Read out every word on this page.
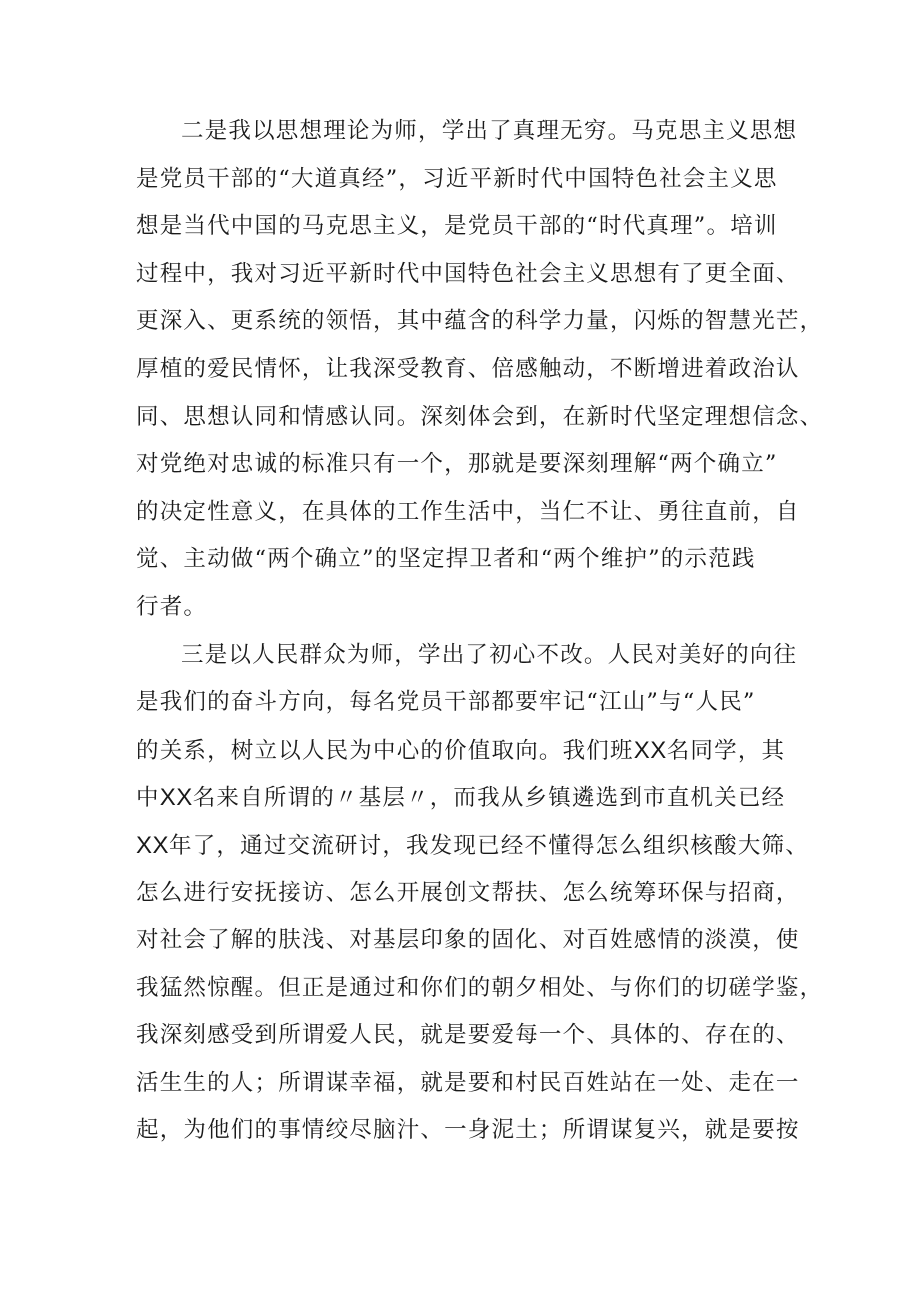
二是我以思想理论为师，学出了真理无穷。马克思主义思想
是党员干部的“大道真经”，习近平新时代中国特色社会主义思
想是当代中国的马克思主义，是党员干部的“时代真理”。培训
过程中，我对习近平新时代中国特色社会主义思想有了更全面、
更深入、更系统的领悟，其中蕴含的科学力量，闪烁的智慧光芒，
厚植的爱民情怀，让我深受教育、倍感触动，不断增进着政治认
同、思想认同和情感认同。深刻体会到，在新时代坚定理想信念、
对党绝对忠诚的标准只有一个，那就是要深刻理解“两个确立”
的决定性意义，在具体的工作生活中，当仁不让、勇往直前，自
觉、主动做“两个确立”的坚定捍卫者和“两个维护”的示范践
行者。
三是以人民群众为师，学出了初心不改。人民对美好的向往
是我们的奋斗方向，每名党员干部都要牢记“江山”与“人民”
的关系，树立以人民为中心的价值取向。我们班XX名同学，其
中XX名来自所谓的〃基层〃，而我从乡镇遴选到市直机关已经
XX年了，通过交流研讨，我发现已经不懂得怎么组织核酸大筛、
怎么进行安抚接访、怎么开展创文帮扶、怎么统筹环保与招商，
对社会了解的肤浅、对基层印象的固化、对百姓感情的淡漠，使
我猛然惊醒。但正是通过和你们的朝夕相处、与你们的切磋学鉴，
我深刻感受到所谓爱人民，就是要爱每一个、具体的、存在的、
活生生的人；所谓谋幸福，就是要和村民百姓站在一处、走在一
起，为他们的事情绞尽脑汁、一身泥土；所谓谋复兴，就是要按
